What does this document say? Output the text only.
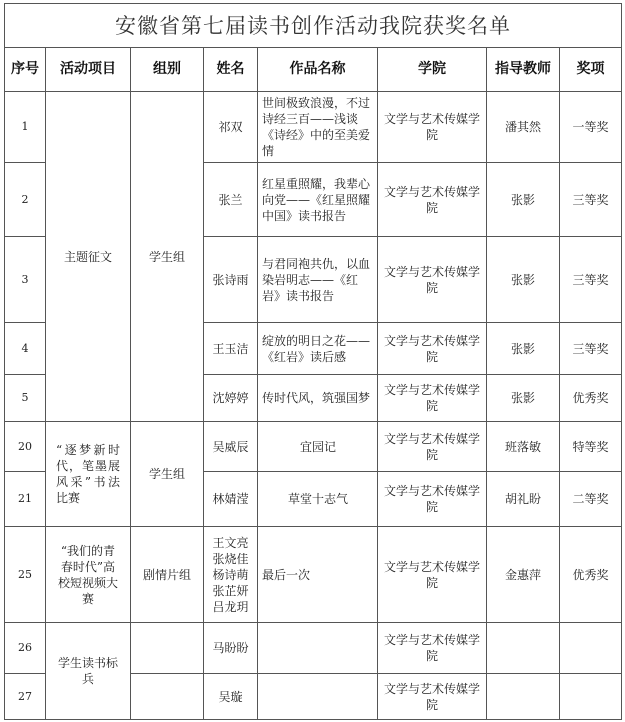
安徽省第七届读书创作活动我院获奖名单							
序号	活动项目	组别	姓名	作品名称	学院	指导教师	奖项
1	主题征文	学生组	祁双	世间极致浪漫，不过诗经三百——浅谈《诗经》中的至美爱情	文学与艺术传媒学院	潘其然	一等奖
2			张兰	红星重照耀，我辈心向党——《红星照耀中国》读书报告	文学与艺术传媒学院	张影	三等奖
3			张诗雨	与君同袍共仇，以血染岩明志——《红岩》读书报告	文学与艺术传媒学院	张影	三等奖
4			王玉洁	绽放的明日之花——《红岩》读后感	文学与艺术传媒学院	张影	三等奖
5			沈婷婷	传时代风，筑强国梦	文学与艺术传媒学院	张影	优秀奖
20	“逐梦新时代，笔墨展风采”书法比赛	学生组	吴威辰	宜园记	文学与艺术传媒学院	班落敏	特等奖
21			林婧滢	草堂十志气	文学与艺术传媒学院	胡礼盼	二等奖
25	“我们的青春时代”高校短视频大赛	剧情片组	王文亮 张烧佳 杨诗萌 张芷妍 吕龙玥	最后一次	文学与艺术传媒学院	金惠萍	优秀奖
26	学生读书标兵		马盼盼		文学与艺术传媒学院		
27			吴璇		文学与艺术传媒学院		
